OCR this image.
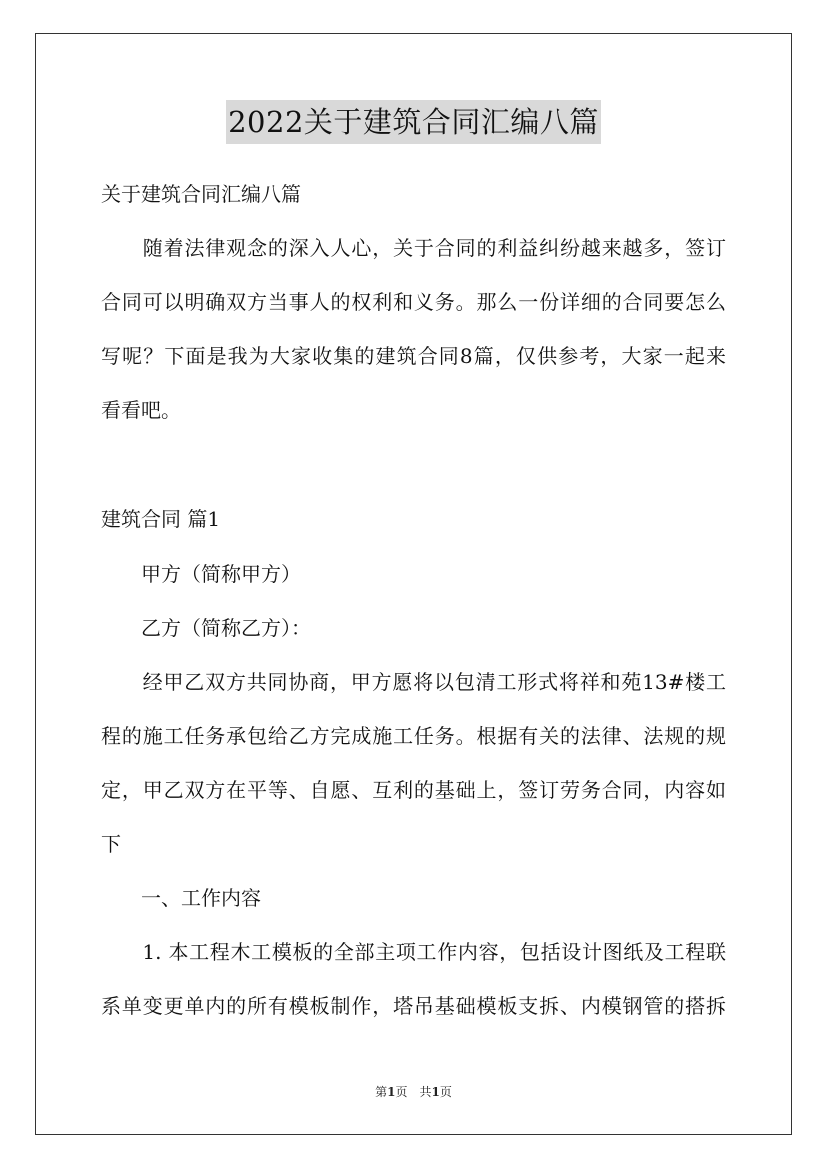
2022关于建筑合同汇编八篇
关于建筑合同汇编八篇
　　随着法律观念的深入人心，关于合同的利益纠纷越来越多，签订
合同可以明确双方当事人的权利和义务。那么一份详细的合同要怎么
写呢？下面是我为大家收集的建筑合同8篇，仅供参考，大家一起来
看看吧。
建筑合同 篇1
　　甲方（简称甲方）
　　乙方（简称乙方）：
　　经甲乙双方共同协商，甲方愿将以包清工形式将祥和苑13#楼工
程的施工任务承包给乙方完成施工任务。根据有关的法律、法规的规
定，甲乙双方在平等、自愿、互利的基础上，签订劳务合同，内容如
下
　　一、工作内容
　　1. 本工程木工模板的全部主项工作内容，包括设计图纸及工程联
系单变更单内的所有模板制作，塔吊基础模板支拆、内模钢管的搭拆
第1页　共1页
